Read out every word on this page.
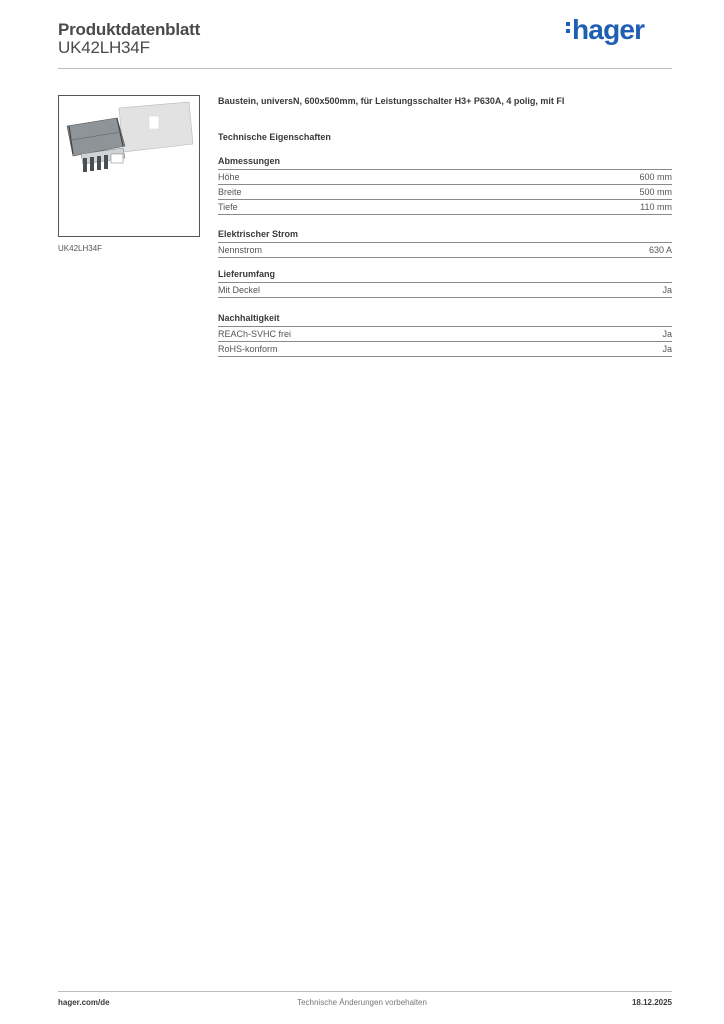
Produktdatenblatt
UK42LH34F
hager
UK42LH34F
Baustein, universN, 600x500mm, für Leistungsschalter H3+ P630A, 4 polig, mit FI
Technische Eigenschaften
Abmessungen
Höhe	600 mm
Breite	500 mm
Tiefe	110 mm
Elektrischer Strom
Nennstrom	630 A
Lieferumfang
Mit Deckel	Ja
Nachhaltigkeit
REACh-SVHC frei	Ja
RoHS-konform	Ja
Technische Änderungen vorbehalten
hager.com/de	18.12.2025
